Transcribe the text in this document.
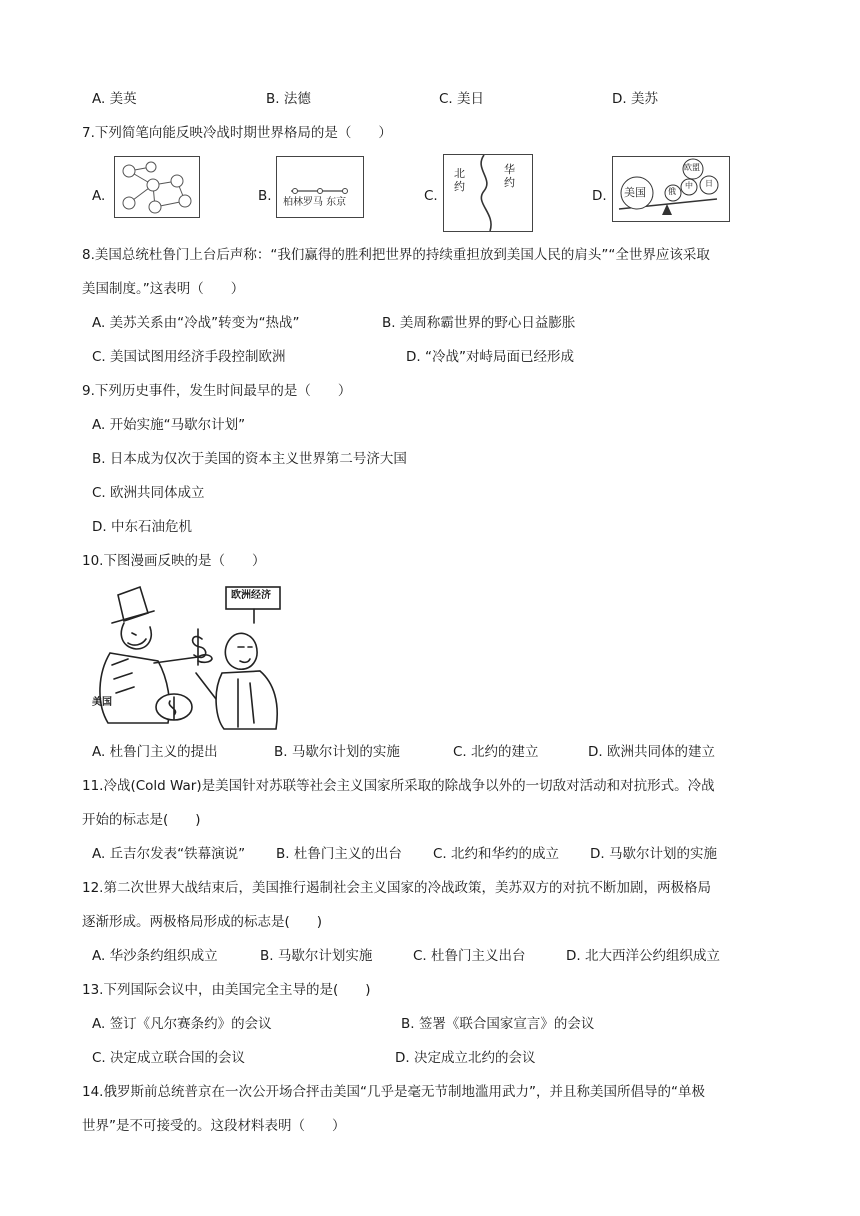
A. 美英	B. 法德	C. 美日	D. 美苏
7.下列简笔向能反映冷战时期世界格局的是（　　）
A.	B.	C.	D.
柏林罗马 东京
北约
华约
美国
欧盟
俄
中 日
8.美国总统杜鲁门上台后声称：“我们赢得的胜利把世界的持续重担放到美国人民的肩头”“全世界应该采取
美国制度。”这表明（　　）
A. 美苏关系由“冷战”转变为“热战”	B. 美周称霸世界的野心日益膨胀
C. 美国试图用经济手段控制欧洲	D. “冷战”对峙局面已经形成
9.下列历史事件，发生时间最早的是（　　）
A. 开始实施“马歇尔计划”
B. 日本成为仅次于美国的资本主义世界第二号济大国
C. 欧洲共同体成立
D. 中东石油危机
10.下图漫画反映的是（　　）
欧洲经济
美国
A. 杜鲁门主义的提出	B. 马歇尔计划的实施	C. 北约的建立	D. 欧洲共同体的建立
11.冷战(Cold War)是美国针对苏联等社会主义国家所采取的除战争以外的一切敌对活动和对抗形式。冷战
开始的标志是(　　)
A. 丘吉尔发表“铁幕演说” B. 杜鲁门主义的出台 C. 北约和华约的成立 D. 马歇尔计划的实施
12.第二次世界大战结束后，美国推行遏制社会主义国家的冷战政策，美苏双方的对抗不断加剧，两极格局
逐渐形成。两极格局形成的标志是(　　)
A. 华沙条约组织成立	B. 马歇尔计划实施	C. 杜鲁门主义出台	D. 北大西洋公约组织成立
13.下列国际会议中，由美国完全主导的是(　　)
A. 签订《凡尔赛条约》的会议	B. 签署《联合国家宣言》的会议
C. 决定成立联合国的会议	D. 决定成立北约的会议
14.俄罗斯前总统普京在一次公开场合抨击美国“几乎是毫无节制地滥用武力”，并且称美国所倡导的“单极
世界”是不可接受的。这段材料表明（　　）
